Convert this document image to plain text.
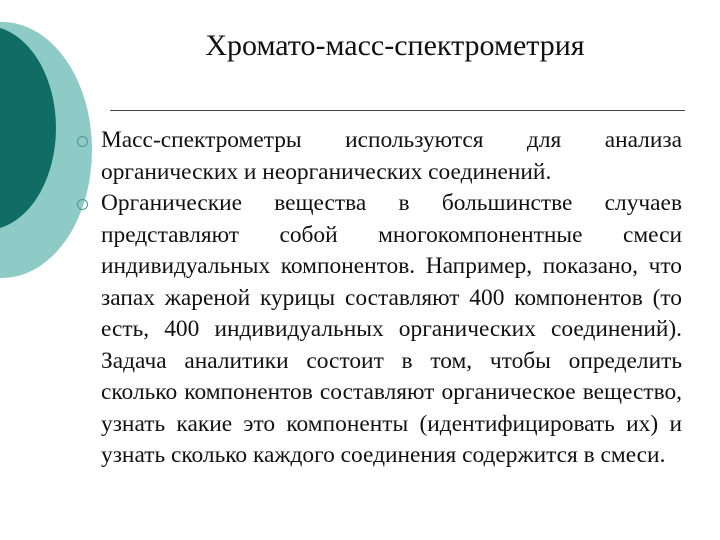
Хромато-масс-спектрометрия
Масс-спектрометры используются для анализа органических и неорганических соединений.
Органические вещества в большинстве случаев представляют собой многокомпонентные смеси индивидуальных компонентов. Например, показано, что запах жареной курицы составляют 400 компонентов (то есть, 400 индивидуальных органических соединений). Задача аналитики состоит в том, чтобы определить сколько компонентов составляют органическое вещество, узнать какие это компоненты (идентифицировать их) и узнать сколько каждого соединения содержится в смеси.
